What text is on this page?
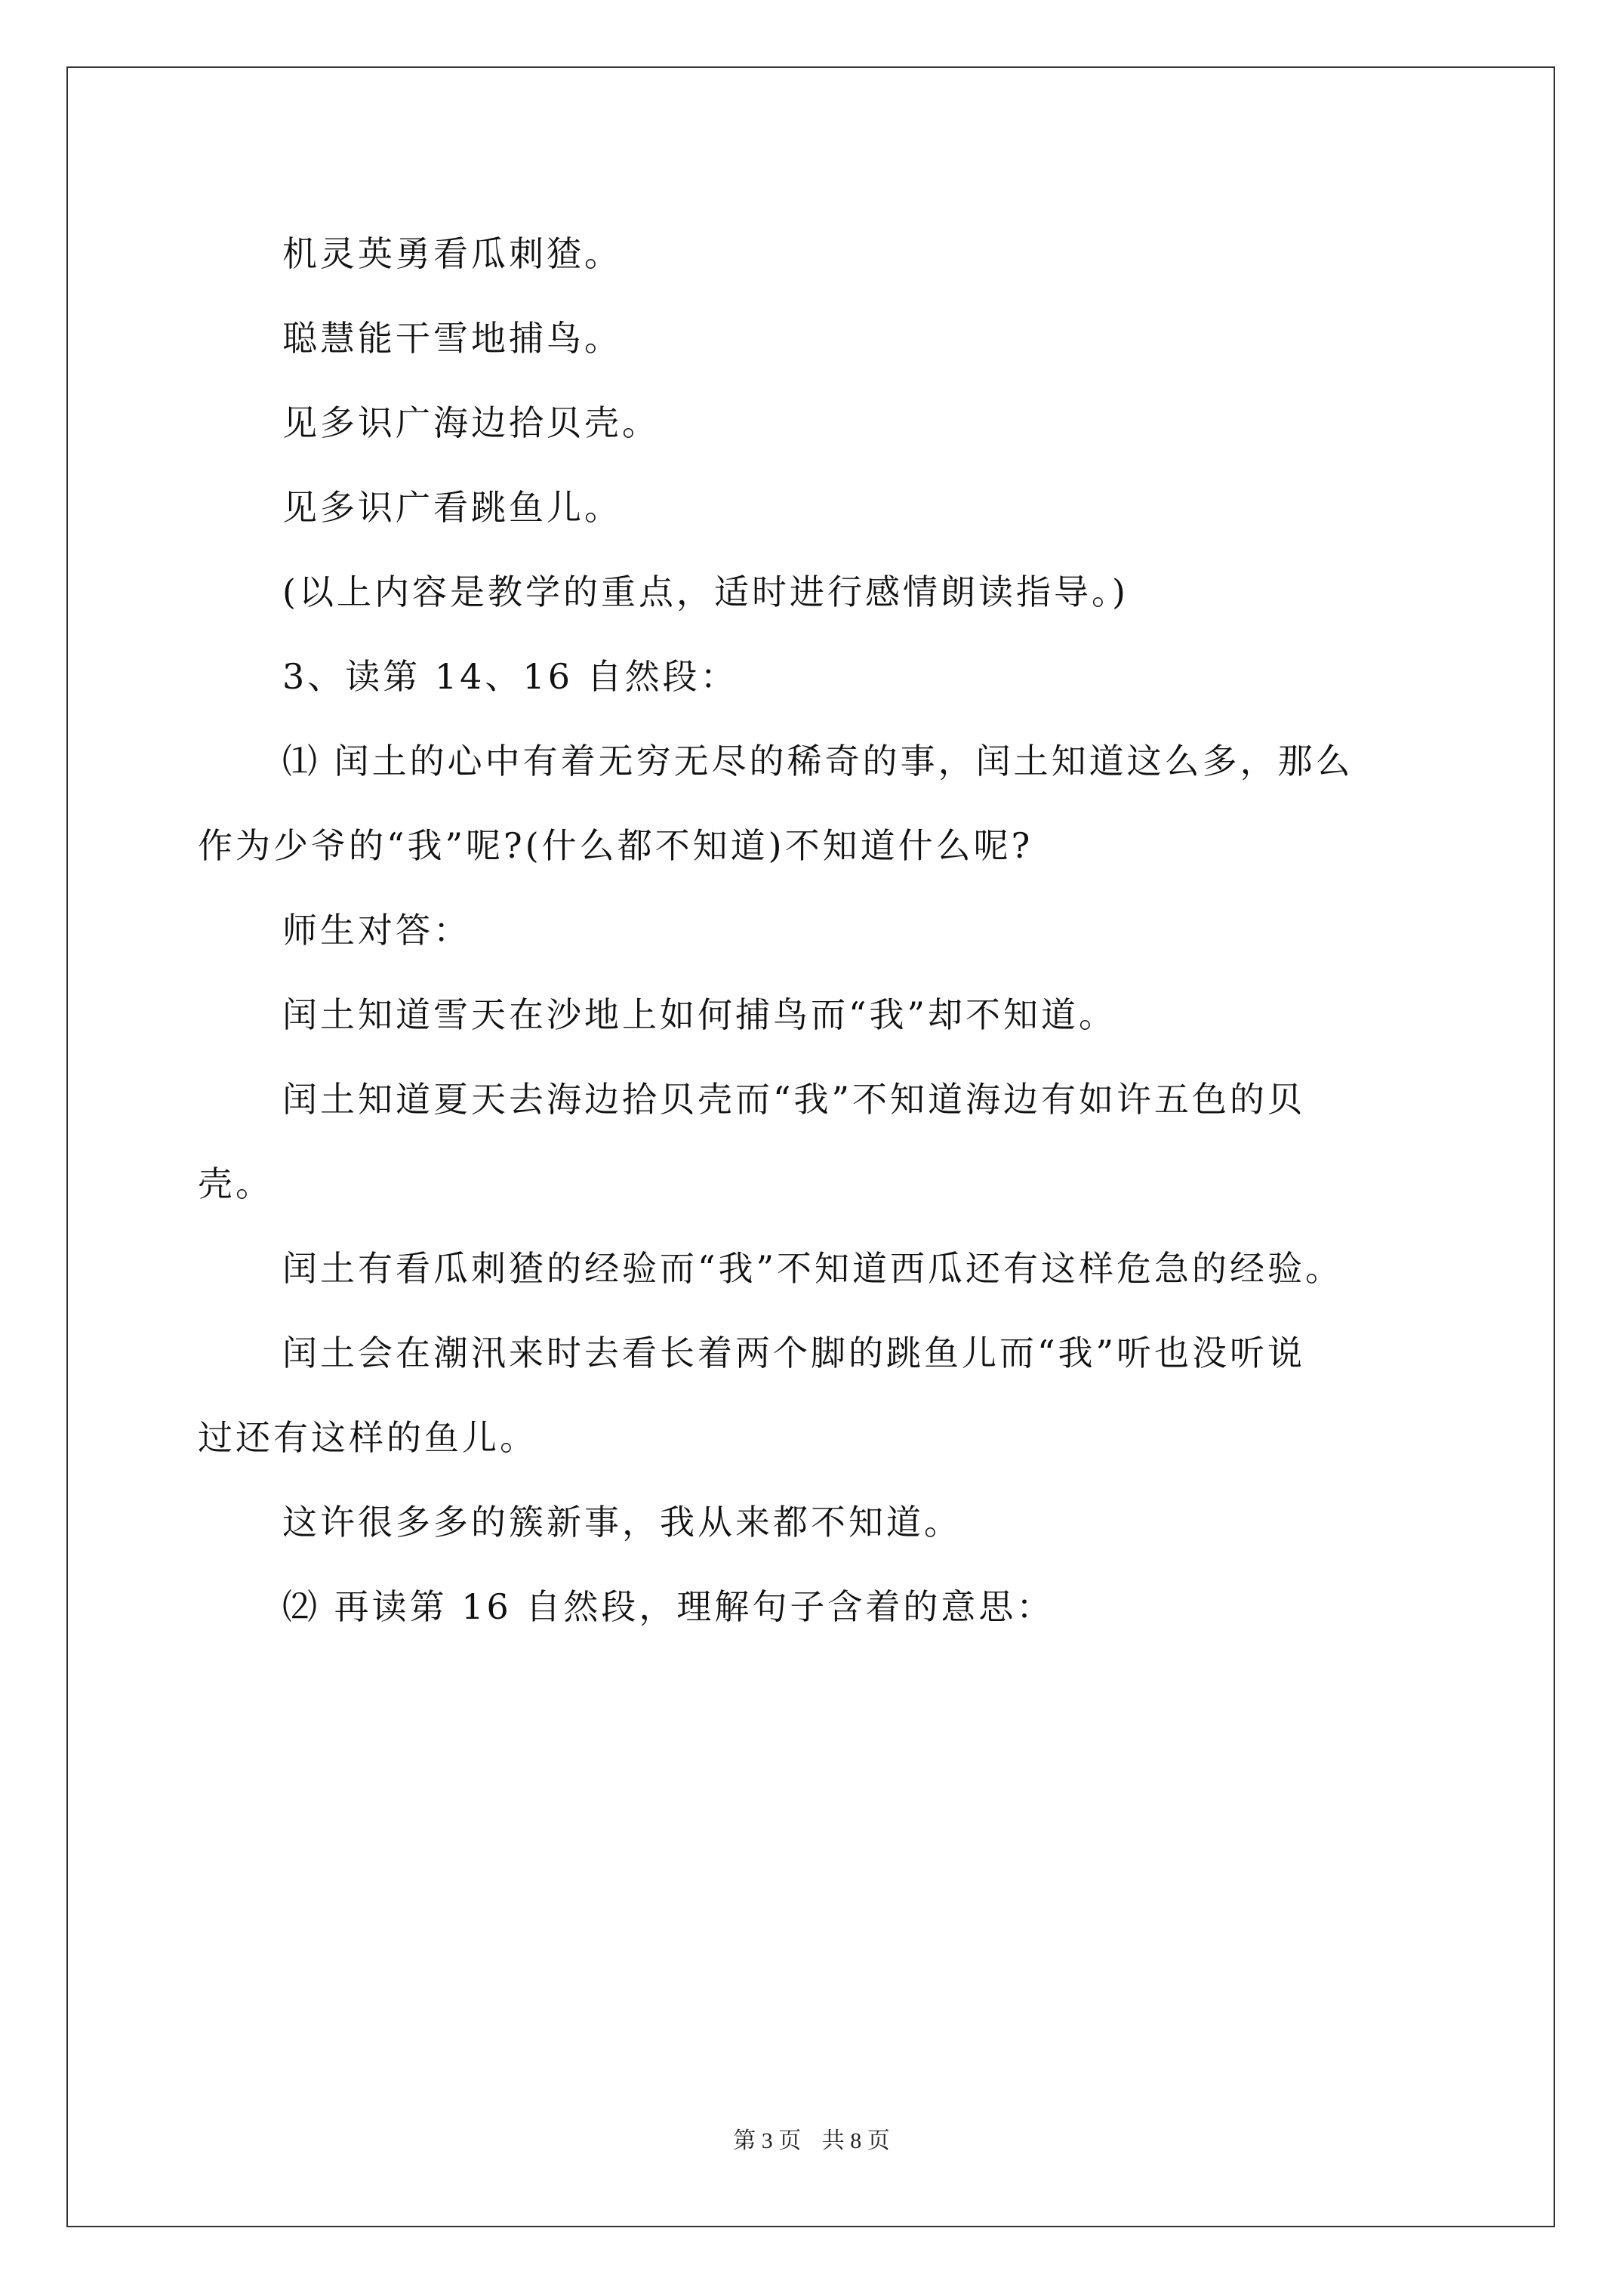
机灵英勇看瓜刺猹。

聪慧能干雪地捕鸟。

见多识广海边拾贝壳。

见多识广看跳鱼儿。

(以上内容是教学的重点，适时进行感情朗读指导。)

3、读第 14、16 自然段：

⑴ 闰土的心中有着无穷无尽的稀奇的事，闰土知道这么多，那么

作为少爷的“我”呢?(什么都不知道)不知道什么呢?

师生对答：

闰土知道雪天在沙地上如何捕鸟而“我”却不知道。

闰土知道夏天去海边拾贝壳而“我”不知道海边有如许五色的贝

壳。

闰土有看瓜刺猹的经验而“我”不知道西瓜还有这样危急的经验。

闰土会在潮汛来时去看长着两个脚的跳鱼儿而“我”听也没听说

过还有这样的鱼儿。

这许很多多的簇新事，我从来都不知道。

⑵ 再读第 16 自然段，理解句子含着的意思：

第 3 页 共 8 页
